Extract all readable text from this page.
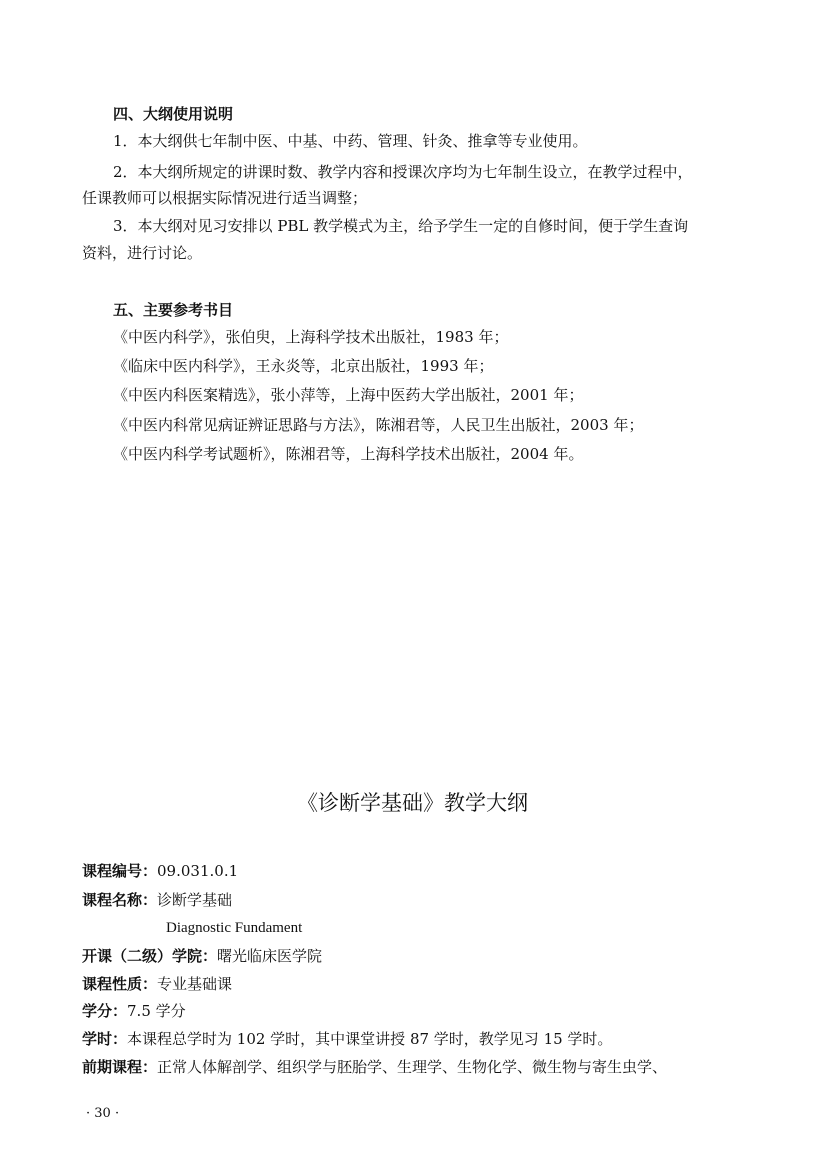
四、大纲使用说明
1．本大纲供七年制中医、中基、中药、管理、针灸、推拿等专业使用。
2．本大纲所规定的讲课时数、教学内容和授课次序均为七年制生设立，在教学过程中，
任课教师可以根据实际情况进行适当调整；
3．本大纲对见习安排以 PBL 教学模式为主，给予学生一定的自修时间，便于学生查询
资料，进行讨论。
五、主要参考书目
《中医内科学》，张伯臾，上海科学技术出版社，1983 年；
《临床中医内科学》，王永炎等，北京出版社，1993 年；
《中医内科医案精选》，张小萍等，上海中医药大学出版社，2001 年；
《中医内科常见病证辨证思路与方法》，陈湘君等，人民卫生出版社，2003 年；
《中医内科学考试题析》，陈湘君等，上海科学技术出版社，2004 年。
《诊断学基础》教学大纲
课程编号：09.031.0.1
课程名称：诊断学基础
Diagnostic Fundament
开课（二级）学院：曙光临床医学院
课程性质：专业基础课
学分：7.5 学分
学时：本课程总学时为 102 学时，其中课堂讲授 87 学时，教学见习 15 学时。
前期课程：正常人体解剖学、组织学与胚胎学、生理学、生物化学、微生物与寄生虫学、
· 30 ·
